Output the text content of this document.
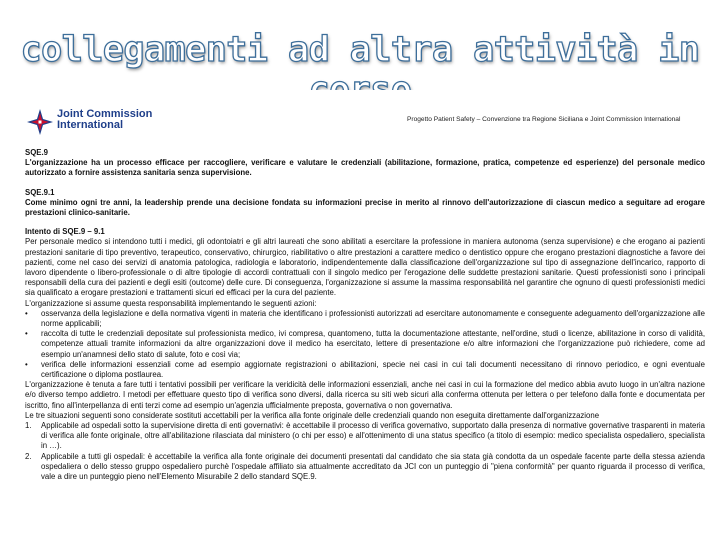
collegamenti ad altra attività in
Joint Commission
International	Progetto Patient Safety – Convenzione tra Regione Siciliana e Joint Commission International

SQE.9

L'organizzazione ha un processo efficace per raccogliere, verificare e valutare le credenziali (abilitazione, formazione, pratica, competenze ed esperienze) del personale medico autorizzato a fornire assistenza sanitaria senza supervisione.

SQE.9.1

Come minimo ogni tre anni, la leadership prende una decisione fondata su informazioni precise in merito al rinnovo dell'autorizzazione di ciascun medico a seguitare ad erogare prestazioni clinico-sanitarie.

Intento di SQE.9 – 9.1

Per personale medico si intendono tutti i medici, gli odontoiatri e gli altri laureati che sono abilitati a esercitare la professione in maniera autonoma (senza supervisione) e che erogano ai pazienti prestazioni sanitarie di tipo preventivo, terapeutico, conservativo, chirurgico, riabilitativo o altre prestazioni a carattere medico o dentistico oppure che erogano prestazioni diagnostiche a favore dei pazienti, come nel caso dei servizi di anatomia patologica, radiologia e laboratorio, indipendentemente dalla classificazione dell'organizzazione sul tipo di assegnazione dell'incarico, rapporto di lavoro dipendente o libero-professionale o di altre tipologie di accordi contrattuali con il singolo medico per l'erogazione delle suddette prestazioni sanitarie. Questi professionisti sono i principali responsabili della cura dei pazienti e degli esiti (outcome) delle cure. Di conseguenza, l'organizzazione si assume la massima responsabilità nel garantire che ognuno di questi professionisti medici sia qualificato a erogare prestazioni e trattamenti sicuri ed efficaci per la cura del paziente.

L'organizzazione si assume questa responsabilità implementando le seguenti azioni:

• osservanza della legislazione e della normativa vigenti in materia che identificano i professionisti autorizzati ad esercitare autonomamente e conseguente adeguamento dell'organizzazione alle norme applicabili;
• raccolta di tutte le credenziali depositate sul professionista medico, ivi compresa, quantomeno, tutta la documentazione attestante, nell'ordine, studi o licenze, abilitazione in corso di validità, competenze attuali tramite informazioni da altre organizzazioni dove il medico ha esercitato, lettere di presentazione e/o altre informazioni che l'organizzazione può richiedere, come ad esempio un'anamnesi dello stato di salute, foto e così via;
• verifica delle informazioni essenziali come ad esempio aggiornate registrazioni o abilitazioni, specie nei casi in cui tali documenti necessitano di rinnovo periodico, e ogni eventuale certificazione o diploma postlaurea.

L'organizzazione è tenuta a fare tutti i tentativi possibili per verificare la veridicità delle informazioni essenziali, anche nei casi in cui la formazione del medico abbia avuto luogo in un'altra nazione e/o diverso tempo addietro. I metodi per effettuare questo tipo di verifica sono diversi, dalla ricerca su siti web sicuri alla conferma ottenuta per lettera o per telefono dalla fonte e documentata per iscritto, fino all'interpellanza di enti terzi come ad esempio un'agenzia ufficialmente preposta, governativa o non governativa.

Le tre situazioni seguenti sono considerate sostituti accettabili per la verifica alla fonte originale delle credenziali quando non eseguita direttamente dall'organizzazione

1. Applicabile ad ospedali sotto la supervisione diretta di enti governativi: è accettabile il processo di verifica governativo, supportato dalla presenza di normative governative trasparenti in materia di verifica alle fonte originale, oltre all'abilitazione rilasciata dal ministero (o chi per esso) e all'ottenimento di una status specifico (a titolo di esempio: medico specialista ospedaliero, specialista in …).
2. Applicabile a tutti gli ospedali: è accettabile la verifica alla fonte originale dei documenti presentati dal candidato che sia stata già condotta da un ospedale facente parte della stessa azienda ospedaliera o dello stesso gruppo ospedaliero purchè l'ospedale affiliato sia attualmente accreditato da JCI con un punteggio di "piena conformità" per quanto riguarda il processo di verifica, vale a dire un punteggio pieno nell'Elemento Misurabile 2 dello standard SQE.9.
